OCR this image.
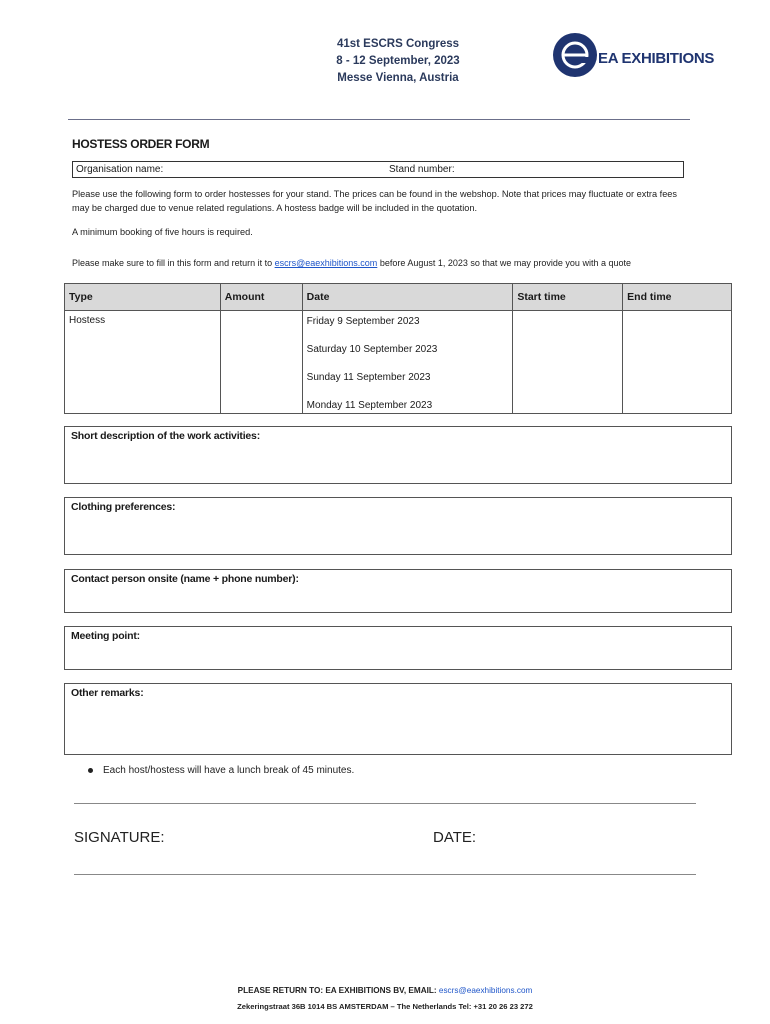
41st ESCRS Congress
8 - 12 September, 2023
Messe Vienna, Austria
EA EXHIBITIONS
HOSTESS ORDER FORM
Organisation name:	Stand number:
Please use the following form to order hostesses for your stand. The prices can be found in the webshop. Note that prices may fluctuate or extra fees may be charged due to venue related regulations. A hostess badge will be included in the quotation.
A minimum booking of five hours is required.
Please make sure to fill in this form and return it to escrs@eaexhibitions.com before August 1, 2023 so that we may provide you with a quote
Type	Amount	Date	Start time	End time
Hostess		Friday 9 September 2023
Saturday 10 September 2023
Sunday 11 September 2023
Monday 11 September 2023		

Short description of the work activities:
Clothing preferences:
Contact person onsite (name + phone number):
Meeting point:
Other remarks:
Each host/hostess will have a lunch break of 45 minutes.
SIGNATURE:	DATE:
PLEASE RETURN TO: EA EXHIBITIONS BV, EMAIL: escrs@eaexhibitions.com
Zekeringstraat 36B 1014 BS AMSTERDAM – The Netherlands Tel: +31 20 26 23 272
